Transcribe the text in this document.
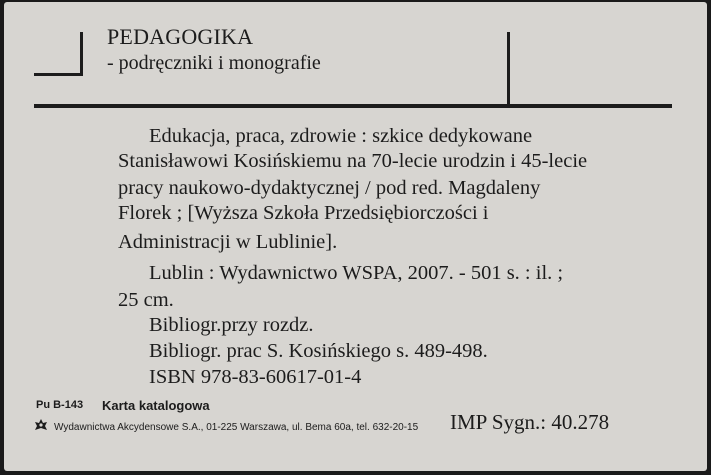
PEDAGOGIKA
- podręczniki i monografie
Edukacja, praca, zdrowie : szkice dedykowane
Stanisławowi Kosińskiemu na 70-lecie urodzin i 45-lecie
pracy naukowo-dydaktycznej / pod red. Magdaleny
Florek ; [Wyższa Szkoła Przedsiębiorczości i
Administracji w Lublinie].
Lublin : Wydawnictwo WSPA, 2007. - 501 s. : il. ;
25 cm.
Bibliogr.przy rozdz.
Bibliogr. prac S. Kosińskiego s. 489-498.
ISBN 978-83-60617-01-4
Pu B-143 Karta katalogowa
Wydawnictwa Akcydensowe S.A., 01-225 Warszawa, ul. Bema 60a, tel. 632-20-15 IMP Sygn.: 40.278
